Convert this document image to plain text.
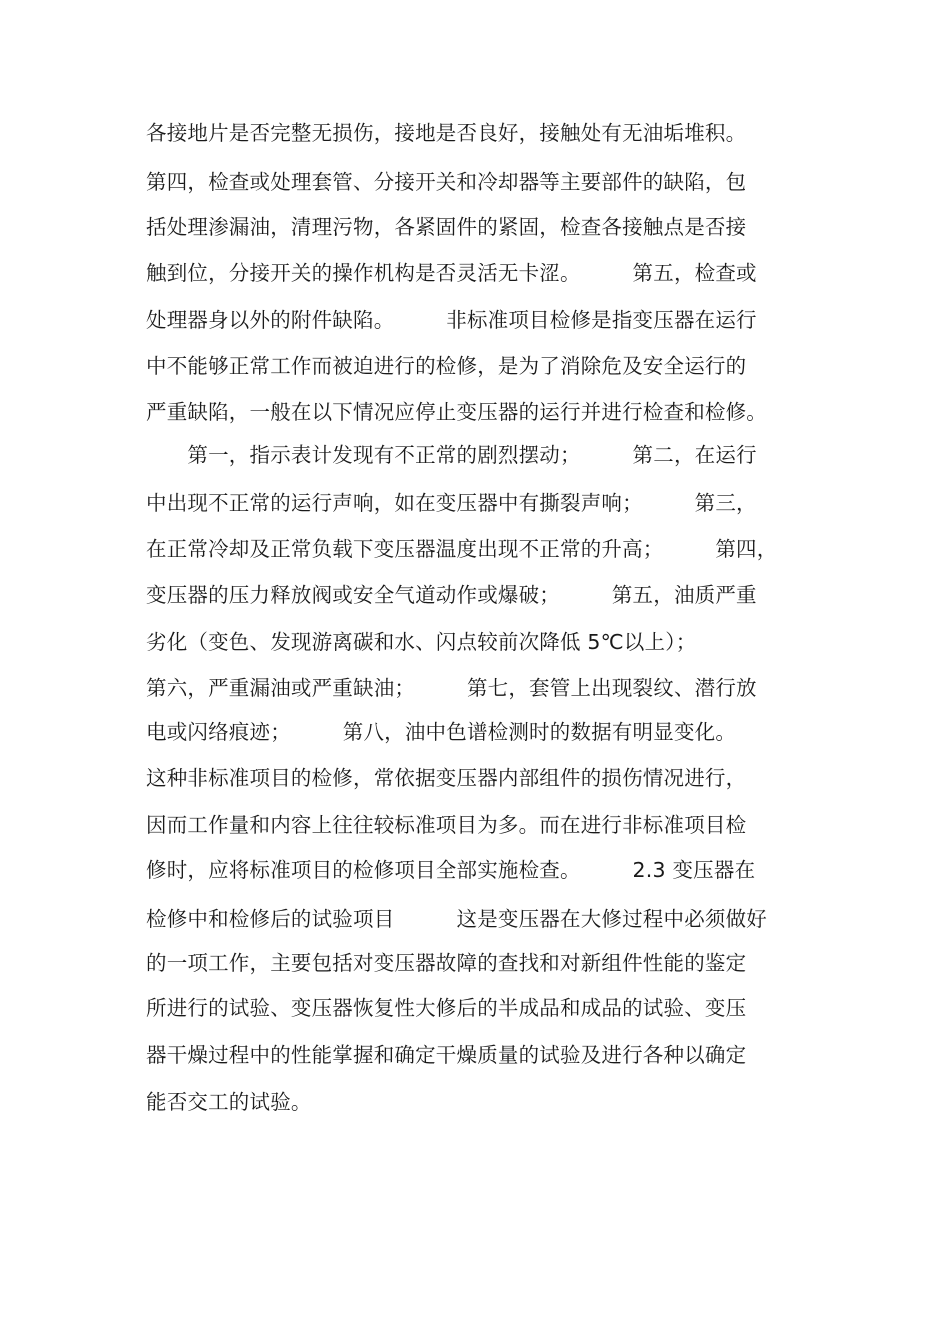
各接地片是否完整无损伤，接地是否良好，接触处有无油垢堆积。
第四，检查或处理套管、分接开关和冷却器等主要部件的缺陷，包
括处理渗漏油，清理污物，各紧固件的紧固，检查各接触点是否接
触到位，分接开关的操作机构是否灵活无卡涩。　　　第五，检查或
处理器身以外的附件缺陷。　　　非标准项目检修是指变压器在运行
中不能够正常工作而被迫进行的检修，是为了消除危及安全运行的
严重缺陷，一般在以下情况应停止变压器的运行并进行检查和检修。
　　第一，指示表计发现有不正常的剧烈摆动；　　　第二，在运行
中出现不正常的运行声响，如在变压器中有撕裂声响；　　　第三，
在正常冷却及正常负载下变压器温度出现不正常的升高；　　　第四，
变压器的压力释放阀或安全气道动作或爆破；　　　第五，油质严重
劣化（变色、发现游离碳和水、闪点较前次降低 5℃以上）；
第六，严重漏油或严重缺油；　　　第七，套管上出现裂纹、潜行放
电或闪络痕迹；　　　第八，油中色谱检测时的数据有明显变化。
这种非标准项目的检修，常依据变压器内部组件的损伤情况进行，
因而工作量和内容上往往较标准项目为多。而在进行非标准项目检
修时，应将标准项目的检修项目全部实施检查。　　　2.3 变压器在
检修中和检修后的试验项目　　　这是变压器在大修过程中必须做好
的一项工作，主要包括对变压器故障的查找和对新组件性能的鉴定
所进行的试验、变压器恢复性大修后的半成品和成品的试验、变压
器干燥过程中的性能掌握和确定干燥质量的试验及进行各种以确定
能否交工的试验。
